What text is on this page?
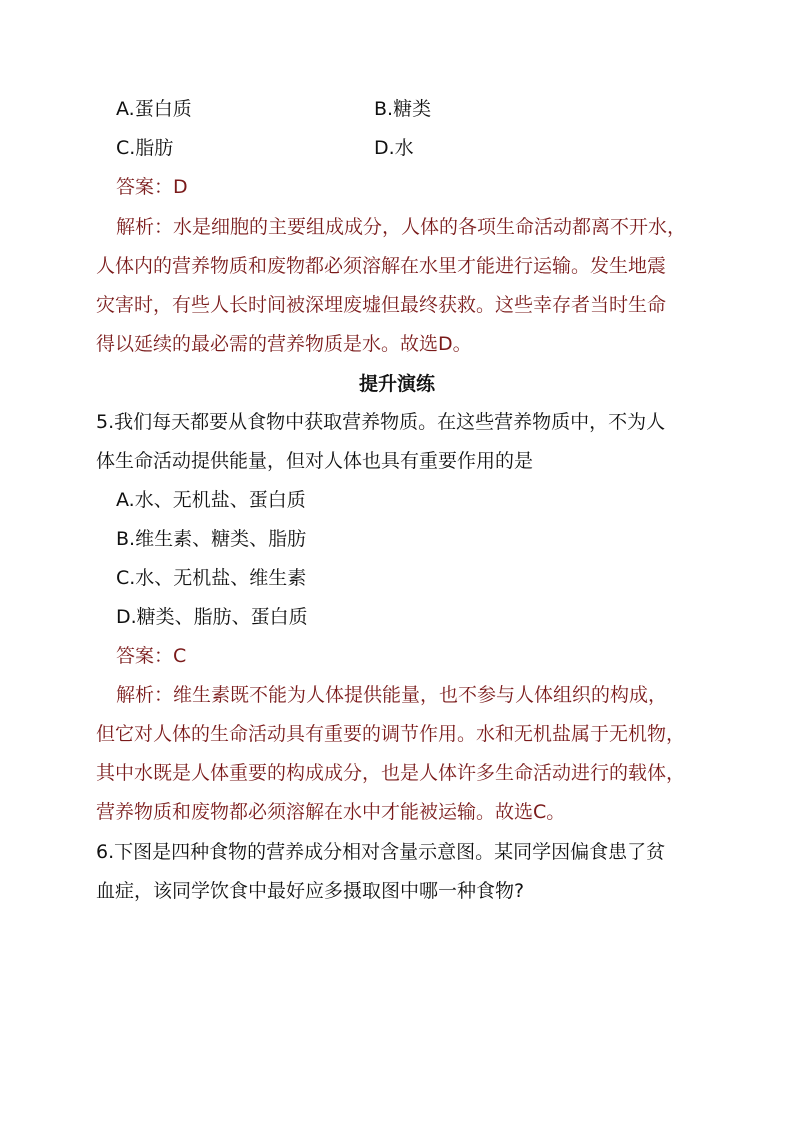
A.蛋白质	B.糖类
C.脂肪	D.水
答案：D
解析：水是细胞的主要组成成分，人体的各项生命活动都离不开水，
人体内的营养物质和废物都必须溶解在水里才能进行运输。发生地震
灾害时，有些人长时间被深埋废墟但最终获救。这些幸存者当时生命
得以延续的最必需的营养物质是水。故选D。
提升演练
5.我们每天都要从食物中获取营养物质。在这些营养物质中，不为人
体生命活动提供能量，但对人体也具有重要作用的是
A.水、无机盐、蛋白质
B.维生素、糖类、脂肪
C.水、无机盐、维生素
D.糖类、脂肪、蛋白质
答案：C
解析：维生素既不能为人体提供能量，也不参与人体组织的构成，
但它对人体的生命活动具有重要的调节作用。水和无机盐属于无机物，
其中水既是人体重要的构成成分，也是人体许多生命活动进行的载体，
营养物质和废物都必须溶解在水中才能被运输。故选C。
6.下图是四种食物的营养成分相对含量示意图。某同学因偏食患了贫
血症，该同学饮食中最好应多摄取图中哪一种食物?
